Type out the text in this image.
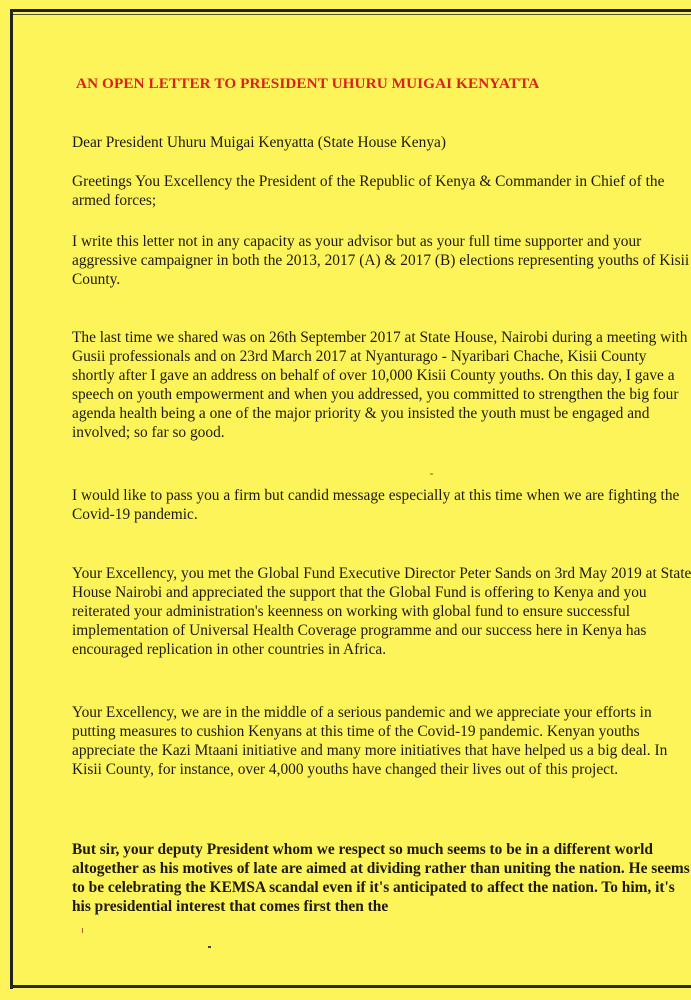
AN OPEN LETTER TO PRESIDENT UHURU MUIGAI KENYATTA
Dear President Uhuru Muigai Kenyatta (State House Kenya)
Greetings You Excellency the President of the Republic of Kenya & Commander in Chief of the armed forces;
I write this letter not in any capacity as your advisor but as your full time supporter and your aggressive campaigner in both the 2013, 2017 (A) & 2017 (B) elections representing youths of Kisii County.
The last time we shared was on 26th September 2017 at State House, Nairobi during a meeting with Gusii professionals and on 23rd March 2017 at Nyanturago - Nyaribari Chache, Kisii County shortly after I gave an address on behalf of over 10,000 Kisii County youths. On this day, I gave a speech on youth empowerment and when you addressed, you committed to strengthen the big four agenda health being a one of the major priority & you insisted the youth must be engaged and involved; so far so good.
I would like to pass you a firm but candid message especially at this time when we are fighting the Covid-19 pandemic.
Your Excellency, you met the Global Fund Executive Director Peter Sands on 3rd May 2019 at State House Nairobi and appreciated the support that the Global Fund is offering to Kenya and you reiterated your administration's keenness on working with global fund to ensure successful implementation of Universal Health Coverage programme and our success here in Kenya has encouraged replication in other countries in Africa.
Your Excellency, we are in the middle of a serious pandemic and we appreciate your efforts in putting measures to cushion Kenyans at this time of the Covid-19 pandemic. Kenyan youths appreciate the Kazi Mtaani initiative and many more initiatives that have helped us a big deal. In Kisii County, for instance, over 4,000 youths have changed their lives out of this project.
But sir, your deputy President whom we respect so much seems to be in a different world altogether as his motives of late are aimed at dividing rather than uniting the nation. He seems to be celebrating the KEMSA scandal even if it's anticipated to affect the nation. To him, it's his presidential interest that comes first then the
